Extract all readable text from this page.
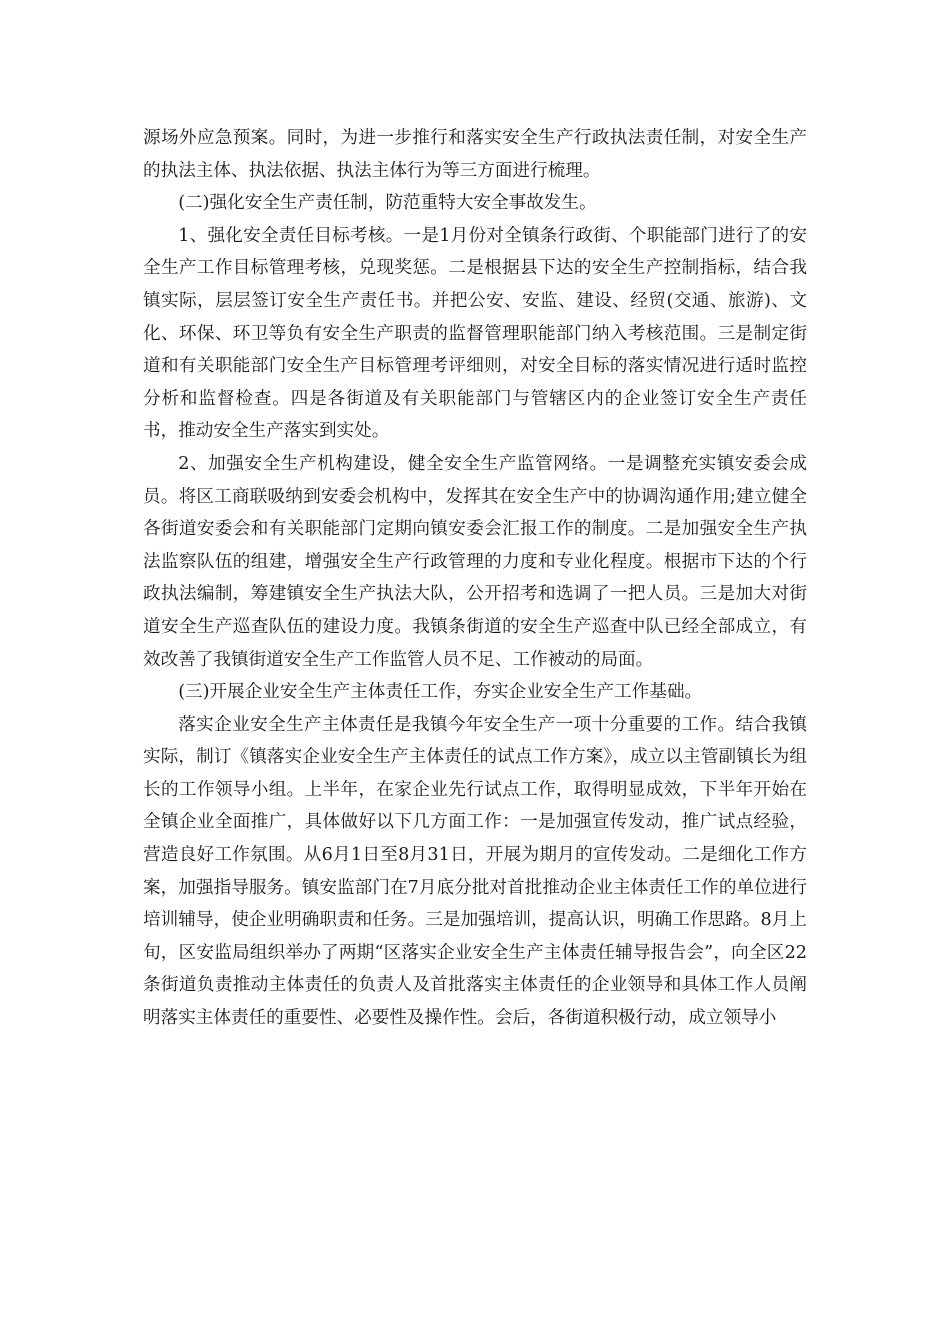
源场外应急预案。同时，为进一步推行和落实安全生产行政执法责任制，对安全生产的执法主体、执法依据、执法主体行为等三方面进行梳理。

(二)强化安全生产责任制，防范重特大安全事故发生。

1、强化安全责任目标考核。一是1月份对全镇条行政街、个职能部门进行了的安全生产工作目标管理考核，兑现奖惩。二是根据县下达的安全生产控制指标，结合我镇实际，层层签订安全生产责任书。并把公安、安监、建设、经贸(交通、旅游)、文化、环保、环卫等负有安全生产职责的监督管理职能部门纳入考核范围。三是制定街道和有关职能部门安全生产目标管理考评细则，对安全目标的落实情况进行适时监控分析和监督检查。四是各街道及有关职能部门与管辖区内的企业签订安全生产责任书，推动安全生产落实到实处。

2、加强安全生产机构建设，健全安全生产监管网络。一是调整充实镇安委会成员。将区工商联吸纳到安委会机构中，发挥其在安全生产中的协调沟通作用;建立健全各街道安委会和有关职能部门定期向镇安委会汇报工作的制度。二是加强安全生产执法监察队伍的组建，增强安全生产行政管理的力度和专业化程度。根据市下达的个行政执法编制，筹建镇安全生产执法大队，公开招考和选调了一把人员。三是加大对街道安全生产巡查队伍的建设力度。我镇条街道的安全生产巡查中队已经全部成立，有效改善了我镇街道安全生产工作监管人员不足、工作被动的局面。

(三)开展企业安全生产主体责任工作，夯实企业安全生产工作基础。

落实企业安全生产主体责任是我镇今年安全生产一项十分重要的工作。结合我镇实际，制订《镇落实企业安全生产主体责任的试点工作方案》，成立以主管副镇长为组长的工作领导小组。上半年，在家企业先行试点工作，取得明显成效，下半年开始在全镇企业全面推广，具体做好以下几方面工作：一是加强宣传发动，推广试点经验，营造良好工作氛围。从6月1日至8月31日，开展为期月的宣传发动。二是细化工作方案，加强指导服务。镇安监部门在7月底分批对首批推动企业主体责任工作的单位进行培训辅导，使企业明确职责和任务。三是加强培训，提高认识，明确工作思路。8月上旬，区安监局组织举办了两期“区落实企业安全生产主体责任辅导报告会”，向全区22条街道负责推动主体责任的负责人及首批落实主体责任的企业领导和具体工作人员阐明落实主体责任的重要性、必要性及操作性。会后，各街道积极行动，成立领导小
